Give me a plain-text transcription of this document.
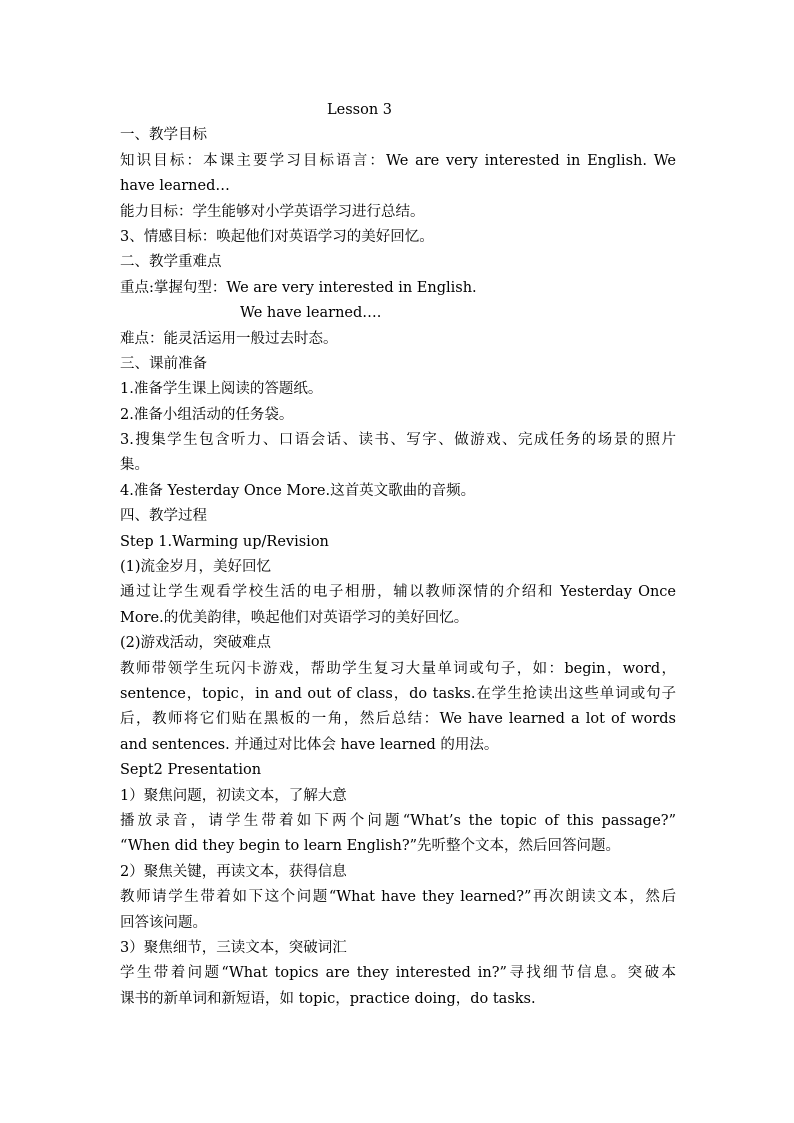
Lesson 3
一、教学目标
知识目标：本课主要学习目标语言：We are very interested in English. We
have learned…
能力目标：学生能够对小学英语学习进行总结。
3、情感目标：唤起他们对英语学习的美好回忆。
二、教学重难点
重点:掌握句型：We are very interested in English.
We have learned….
难点：能灵活运用一般过去时态。
三、课前准备
1.准备学生课上阅读的答题纸。
2.准备小组活动的任务袋。
3.搜集学生包含听力、口语会话、读书、写字、做游戏、完成任务的场景的照片
集。
4.准备 Yesterday Once More.这首英文歌曲的音频。
四、教学过程
Step 1.Warming up/Revision
(1)流金岁月，美好回忆
通过让学生观看学校生活的电子相册，辅以教师深情的介绍和 Yesterday Once
More.的优美韵律，唤起他们对英语学习的美好回忆。
(2)游戏活动，突破难点
教师带领学生玩闪卡游戏，帮助学生复习大量单词或句子，如：begin，word，
sentence，topic，in and out of class，do tasks.在学生抢读出这些单词或句子
后，教师将它们贴在黑板的一角，然后总结：We have learned a lot of words
and sentences. 并通过对比体会 have learned 的用法。
Sept2 Presentation
1）聚焦问题，初读文本，了解大意
播放录音，请学生带着如下两个问题“What’s the topic of this passage?”
“When did they begin to learn English?”先听整个文本，然后回答问题。
2）聚焦关键，再读文本，获得信息
教师请学生带着如下这个问题“What have they learned?”再次朗读文本，然后
回答该问题。
3）聚焦细节，三读文本，突破词汇
学生带着问题“What topics are they interested in?”寻找细节信息。突破本
课书的新单词和新短语，如 topic，practice doing，do tasks.
